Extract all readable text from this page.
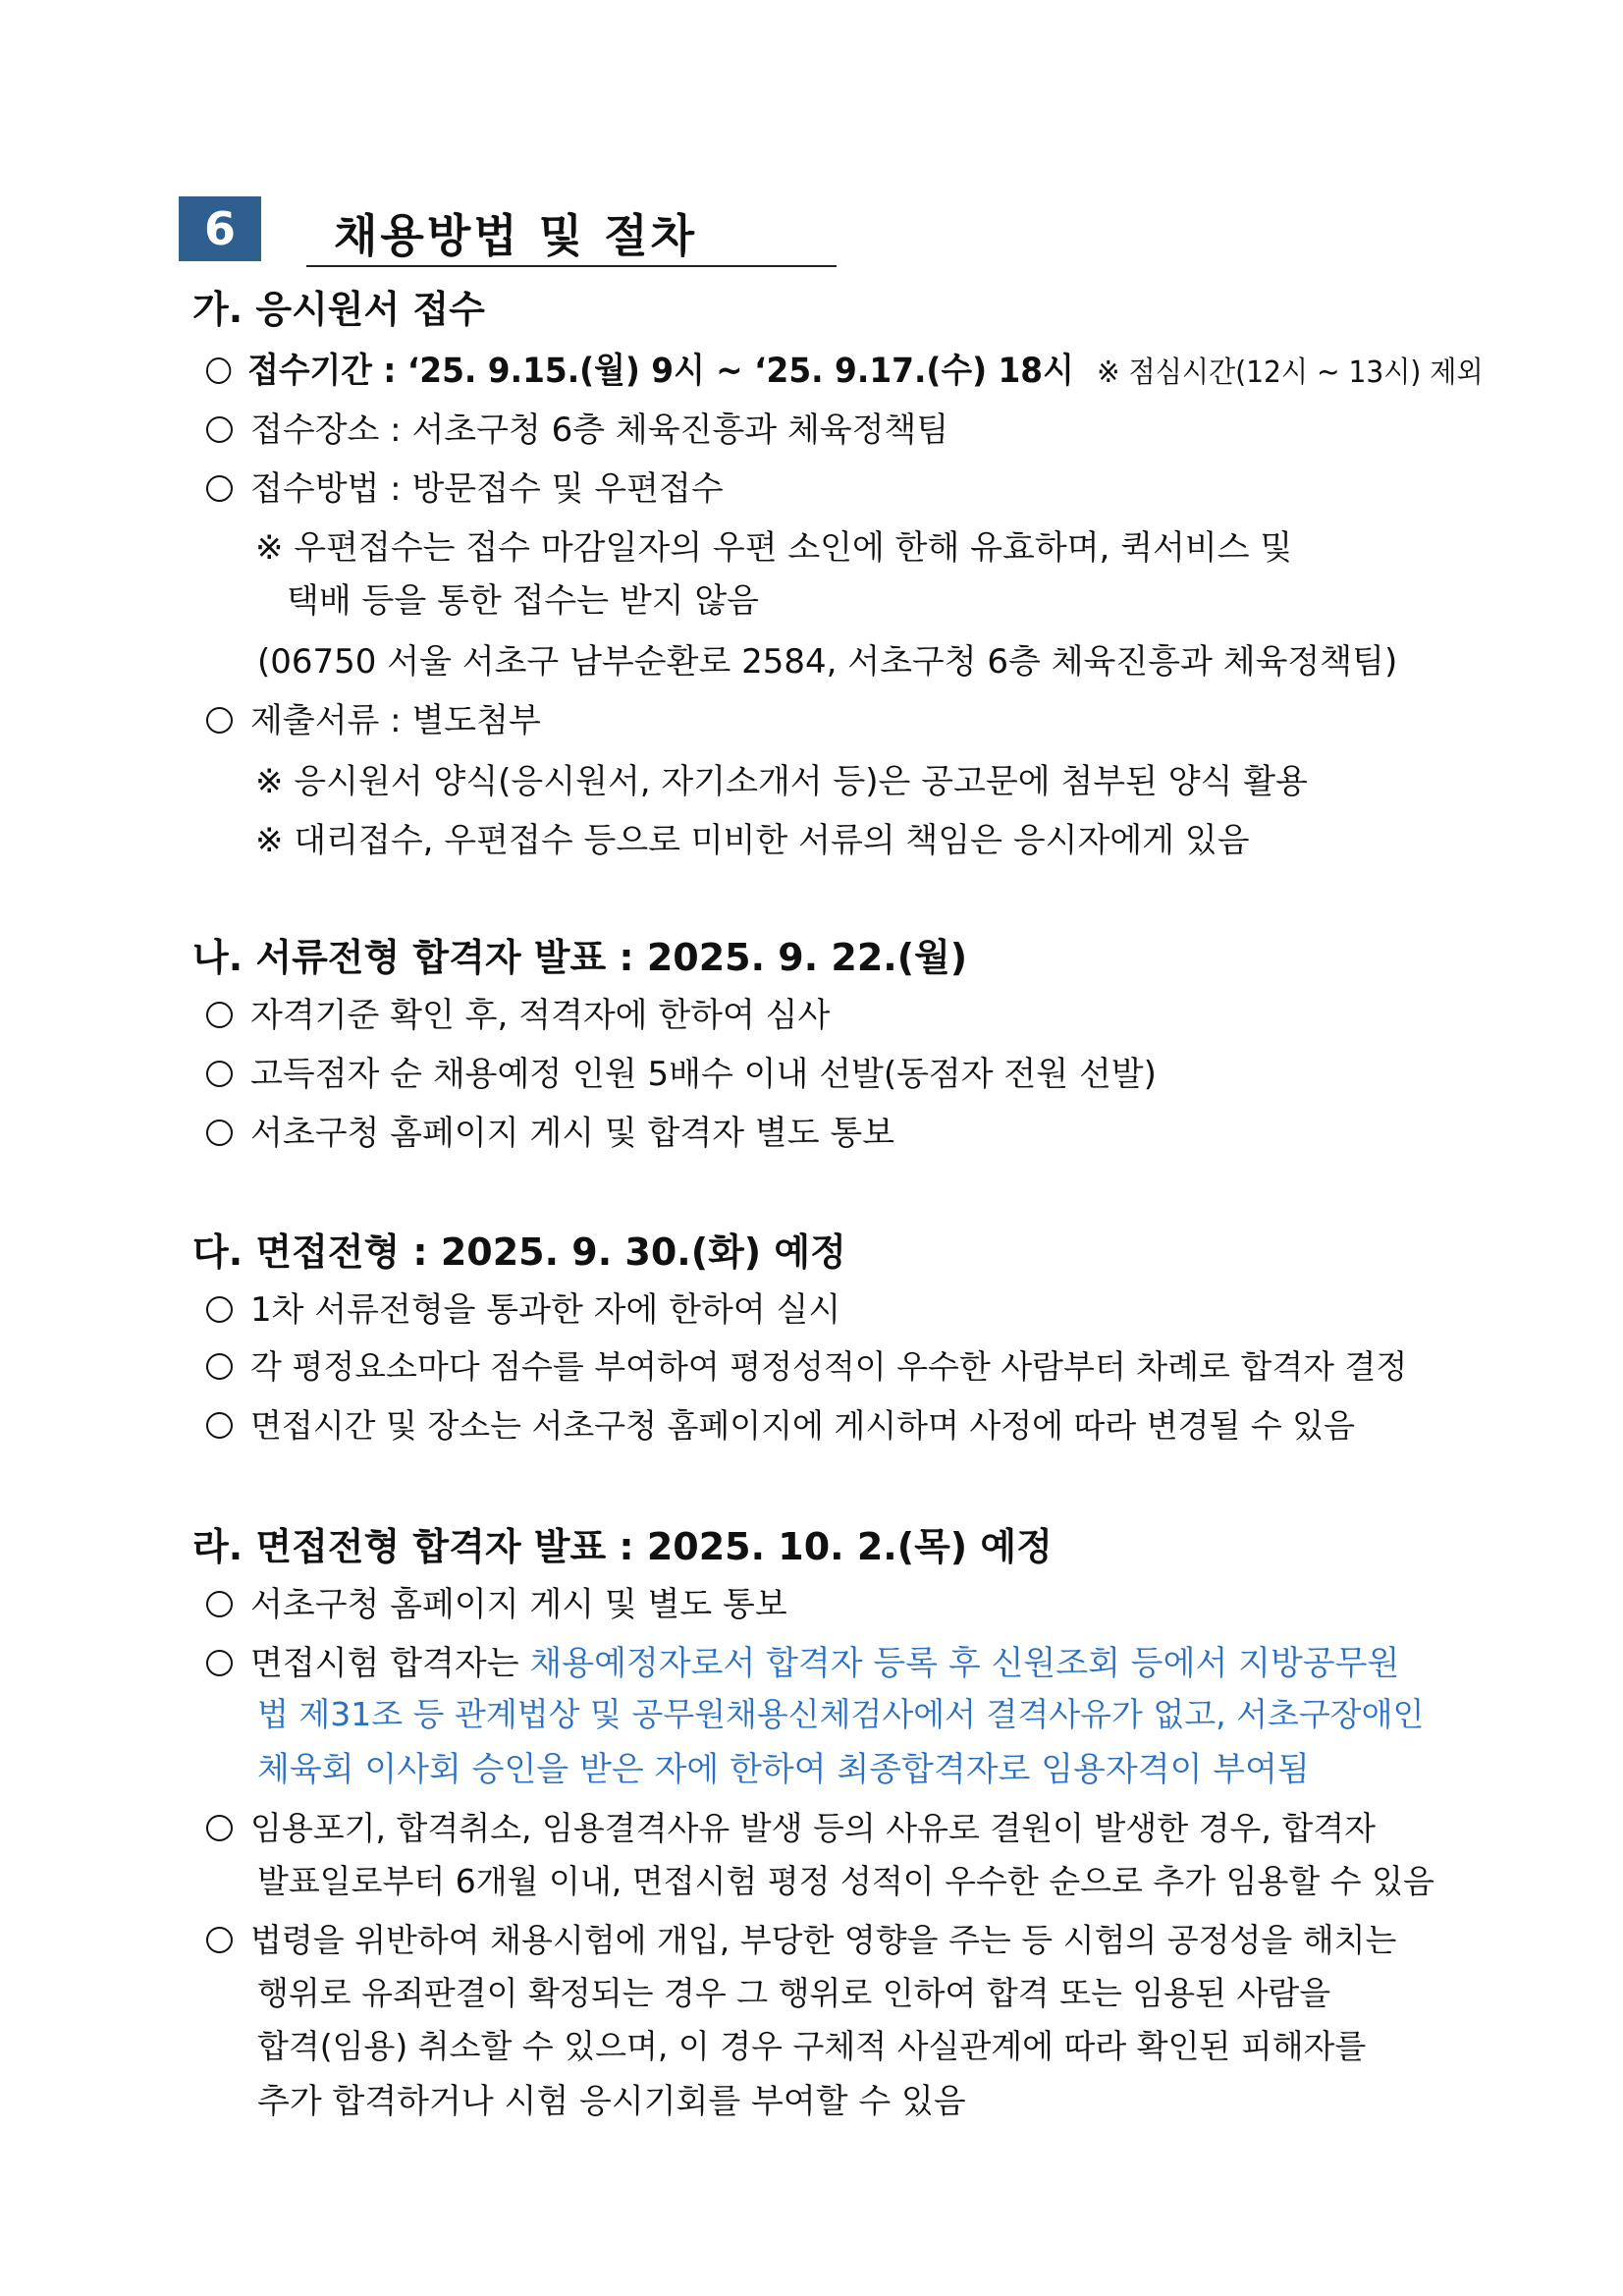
6	채용방법 및 절차
가. 응시원서 접수
접수기간 : ‘25. 9.15.(월) 9시 ~ ‘25. 9.17.(수) 18시 ※ 점심시간(12시 ~ 13시) 제외
접수장소 : 서초구청 6층 체육진흥과 체육정책팀
접수방법 : 방문접수 및 우편접수
※ 우편접수는 접수 마감일자의 우편 소인에 한해 유효하며, 퀵서비스 및
택배 등을 통한 접수는 받지 않음
(06750 서울 서초구 남부순환로 2584, 서초구청 6층 체육진흥과 체육정책팀)
제출서류 : 별도첨부
※ 응시원서 양식(응시원서, 자기소개서 등)은 공고문에 첨부된 양식 활용
※ 대리접수, 우편접수 등으로 미비한 서류의 책임은 응시자에게 있음
나. 서류전형 합격자 발표 : 2025. 9. 22.(월)
자격기준 확인 후, 적격자에 한하여 심사
고득점자 순 채용예정 인원 5배수 이내 선발(동점자 전원 선발)
서초구청 홈페이지 게시 및 합격자 별도 통보
다. 면접전형 : 2025. 9. 30.(화) 예정
1차 서류전형을 통과한 자에 한하여 실시
각 평정요소마다 점수를 부여하여 평정성적이 우수한 사람부터 차례로 합격자 결정
면접시간 및 장소는 서초구청 홈페이지에 게시하며 사정에 따라 변경될 수 있음
라. 면접전형 합격자 발표 : 2025. 10. 2.(목) 예정
서초구청 홈페이지 게시 및 별도 통보
면접시험 합격자는 채용예정자로서 합격자 등록 후 신원조회 등에서 지방공무원
법 제31조 등 관계법상 및 공무원채용신체검사에서 결격사유가 없고, 서초구장애인
체육회 이사회 승인을 받은 자에 한하여 최종합격자로 임용자격이 부여됨
임용포기, 합격취소, 임용결격사유 발생 등의 사유로 결원이 발생한 경우, 합격자
발표일로부터 6개월 이내, 면접시험 평정 성적이 우수한 순으로 추가 임용할 수 있음
법령을 위반하여 채용시험에 개입, 부당한 영향을 주는 등 시험의 공정성을 해치는
행위로 유죄판결이 확정되는 경우 그 행위로 인하여 합격 또는 임용된 사람을
합격(임용) 취소할 수 있으며, 이 경우 구체적 사실관계에 따라 확인된 피해자를
추가 합격하거나 시험 응시기회를 부여할 수 있음
